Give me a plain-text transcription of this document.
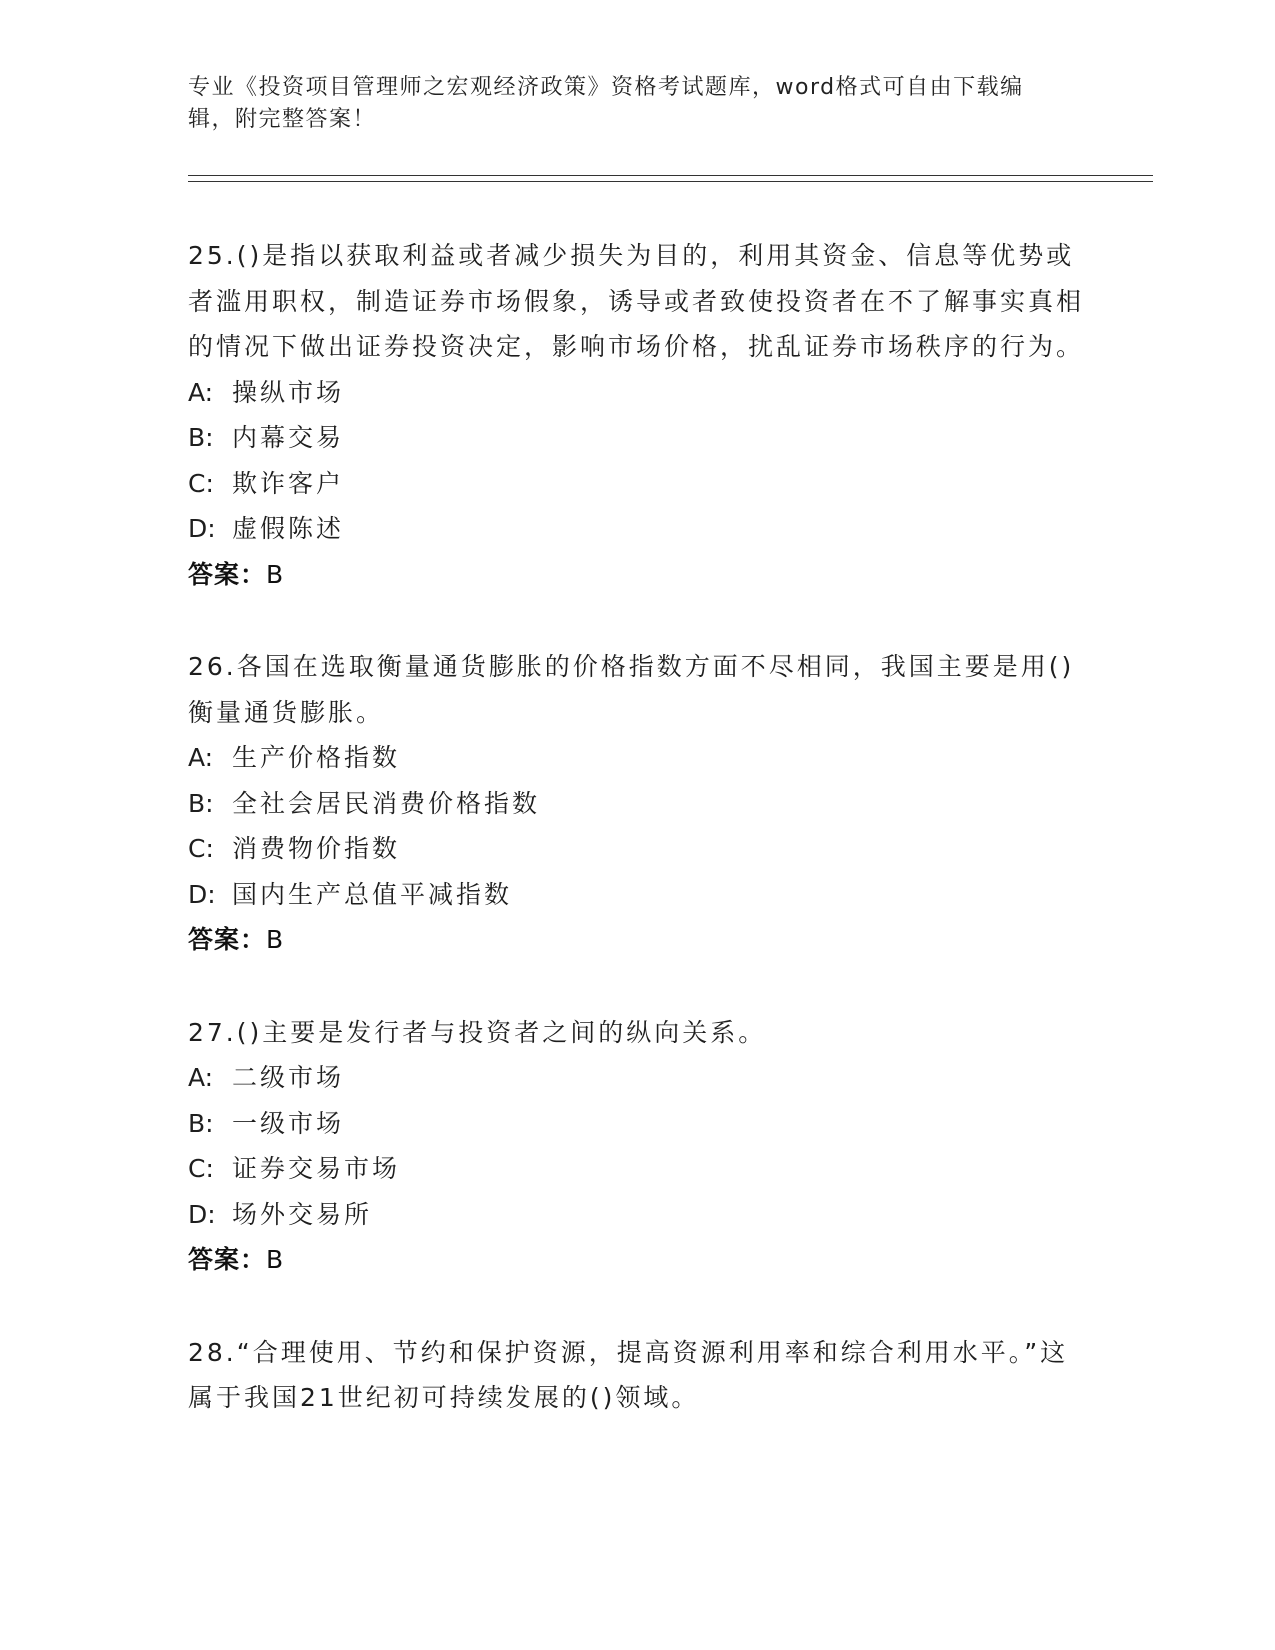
专业《投资项目管理师之宏观经济政策》资格考试题库，word格式可自由下载编辑，附完整答案！
25.()是指以获取利益或者减少损失为目的，利用其资金、信息等优势或者滥用职权，制造证券市场假象，诱导或者致使投资者在不了解事实真相的情况下做出证券投资决定，影响市场价格，扰乱证券市场秩序的行为。
A: 操纵市场
B: 内幕交易
C: 欺诈客户
D: 虚假陈述
答案：B
26.各国在选取衡量通货膨胀的价格指数方面不尽相同，我国主要是用()衡量通货膨胀。
A: 生产价格指数
B: 全社会居民消费价格指数
C: 消费物价指数
D: 国内生产总值平减指数
答案：B
27.()主要是发行者与投资者之间的纵向关系。
A: 二级市场
B: 一级市场
C: 证券交易市场
D: 场外交易所
答案：B
28.“合理使用、节约和保护资源，提高资源利用率和综合利用水平。”这属于我国21世纪初可持续发展的()领域。
